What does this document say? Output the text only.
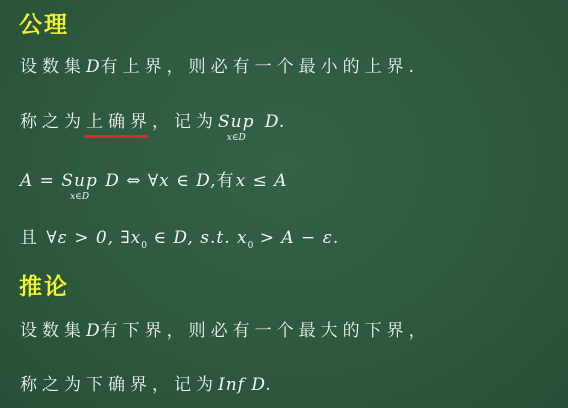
公理
设数集D有上界，则必有一个最小的上界.
称之为上确界，记为Sup
x∈D
D.
A = Sup
x∈D
D ⇔ ∀x ∈ D,有x ≤ A
且 ∀ε > 0, $\exists x_0$ ∈ D, s.t. $x_0 > A - \varepsilon$.
推论
设数集D有下界，则必有一个最大的下界，
称之为下确界，记为Inf D.
